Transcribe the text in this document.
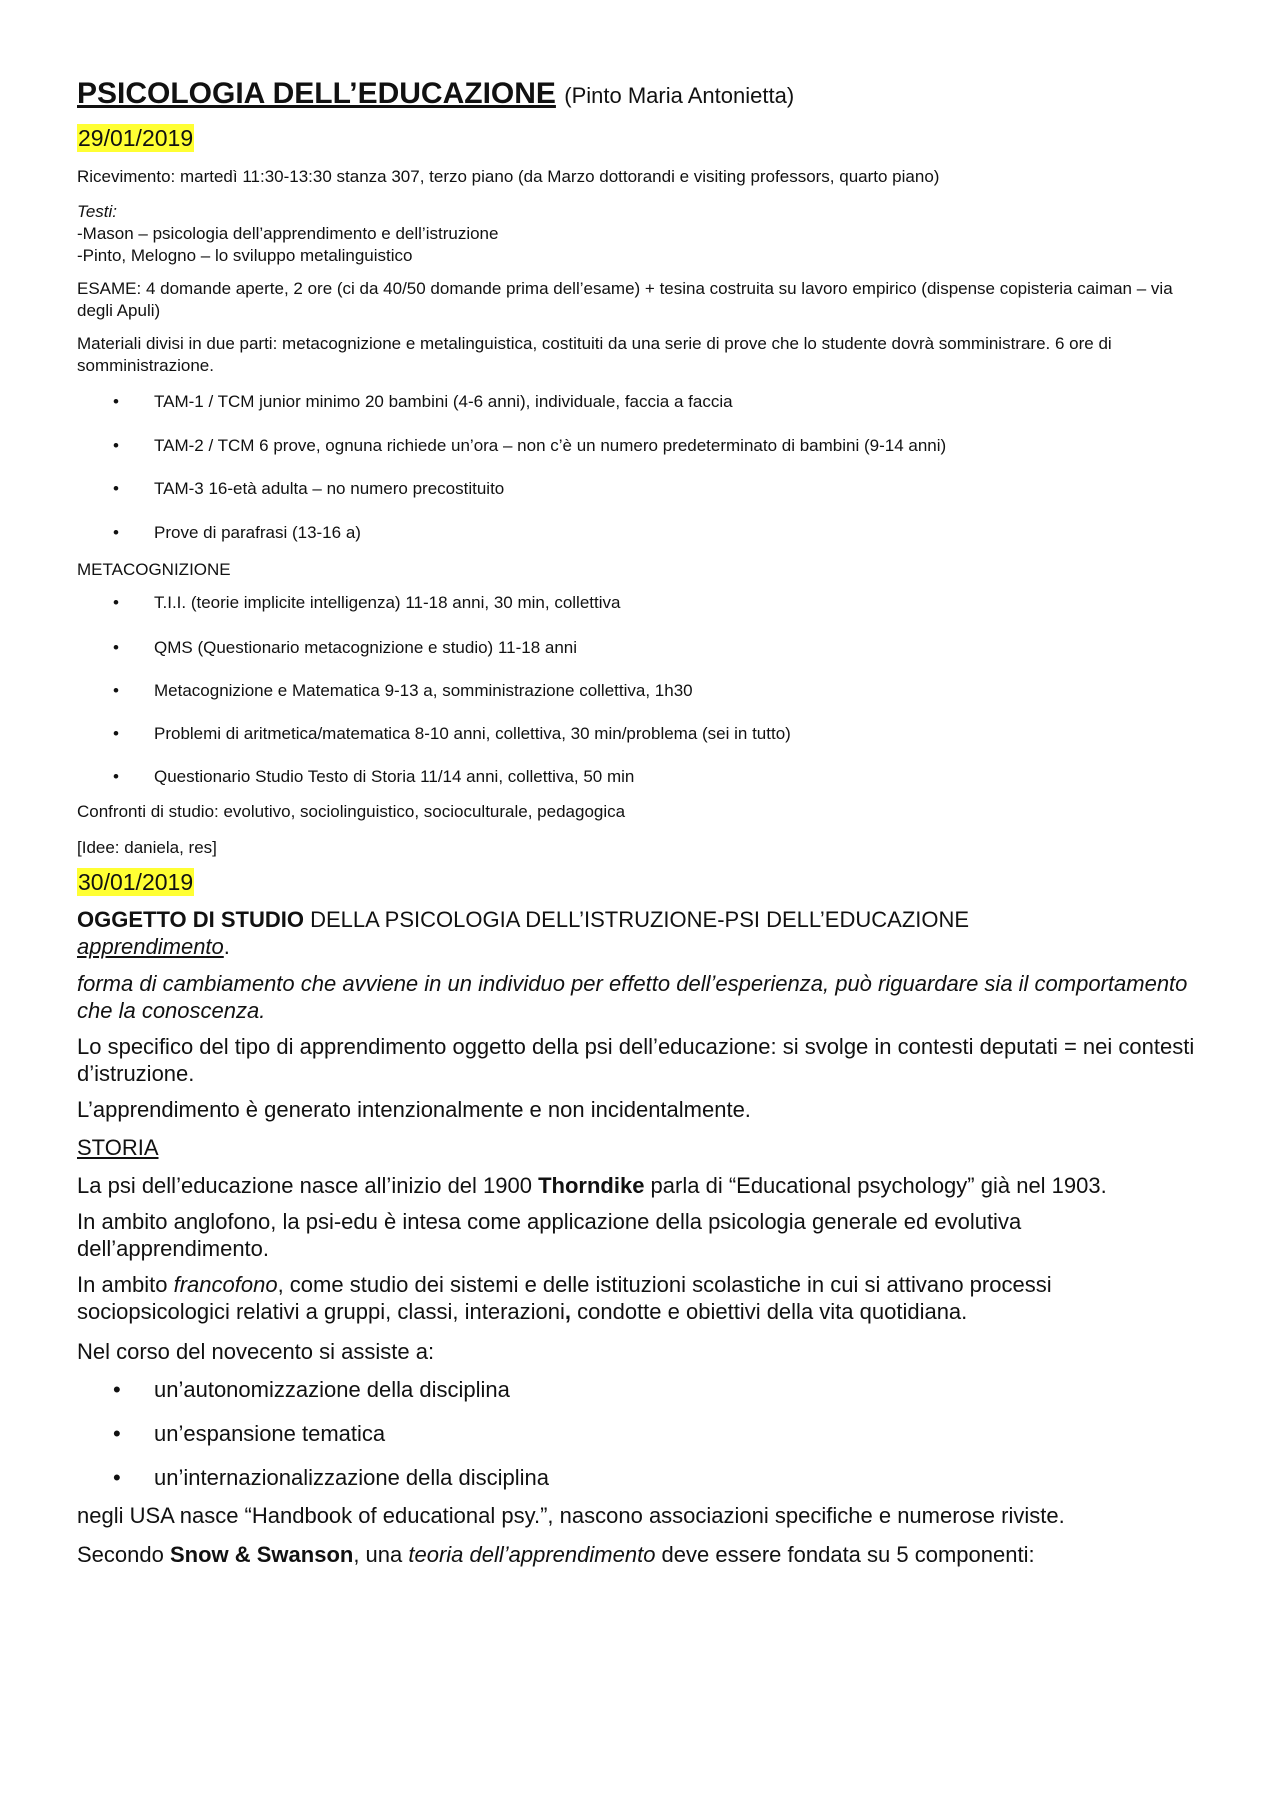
PSICOLOGIA DELL’EDUCAZIONE (Pinto Maria Antonietta)

29/01/2019

Ricevimento: martedì 11:30-13:30 stanza 307, terzo piano (da Marzo dottorandi e visiting professors, quarto piano)

Testi:

-Mason – psicologia dell’apprendimento e dell’istruzione

-Pinto, Melogno – lo sviluppo metalinguistico

ESAME: 4 domande aperte, 2 ore (ci da 40/50 domande prima dell’esame) + tesina costruita su lavoro empirico (dispense copisteria caiman – via degli Apuli)

Materiali divisi in due parti: metacognizione e metalinguistica, costituiti da una serie di prove che lo studente dovrà somministrare. 6 ore di somministrazione.

• TAM-1 / TCM junior minimo 20 bambini (4-6 anni), individuale, faccia a faccia
• TAM-2 / TCM 6 prove, ognuna richiede un’ora – non c’è un numero predeterminato di bambini (9-14 anni)
• TAM-3 16-età adulta – no numero precostituito
• Prove di parafrasi (13-16 a)

METACOGNIZIONE

• T.I.I. (teorie implicite intelligenza) 11-18 anni, 30 min, collettiva
• QMS (Questionario metacognizione e studio) 11-18 anni
• Metacognizione e Matematica 9-13 a, somministrazione collettiva, 1h30
• Problemi di aritmetica/matematica 8-10 anni, collettiva, 30 min/problema (sei in tutto)
• Questionario Studio Testo di Storia 11/14 anni, collettiva, 50 min

Confronti di studio: evolutivo, sociolinguistico, socioculturale, pedagogica

[Idee: daniela, res]

30/01/2019

OGGETTO DI STUDIO DELLA PSICOLOGIA DELL’ISTRUZIONE-PSI DELL’EDUCAZIONE
apprendimento.

forma di cambiamento che avviene in un individuo per effetto dell’esperienza, può riguardare sia il comportamento che la conoscenza.

Lo specifico del tipo di apprendimento oggetto della psi dell’educazione: si svolge in contesti deputati = nei contesti d’istruzione.

L’apprendimento è generato intenzionalmente e non incidentalmente.

STORIA

La psi dell’educazione nasce all’inizio del 1900 Thorndike parla di “Educational psychology” già nel 1903.

In ambito anglofono, la psi-edu è intesa come applicazione della psicologia generale ed evolutiva dell’apprendimento.

In ambito francofono, come studio dei sistemi e delle istituzioni scolastiche in cui si attivano processi sociopsicologici relativi a gruppi, classi, interazioni, condotte e obiettivi della vita quotidiana.

Nel corso del novecento si assiste a:

• un’autonomizzazione della disciplina
• un’espansione tematica
• un’internazionalizzazione della disciplina

negli USA nasce “Handbook of educational psy.”, nascono associazioni specifiche e numerose riviste.

Secondo Snow & Swanson, una teoria dell’apprendimento deve essere fondata su 5 componenti:
